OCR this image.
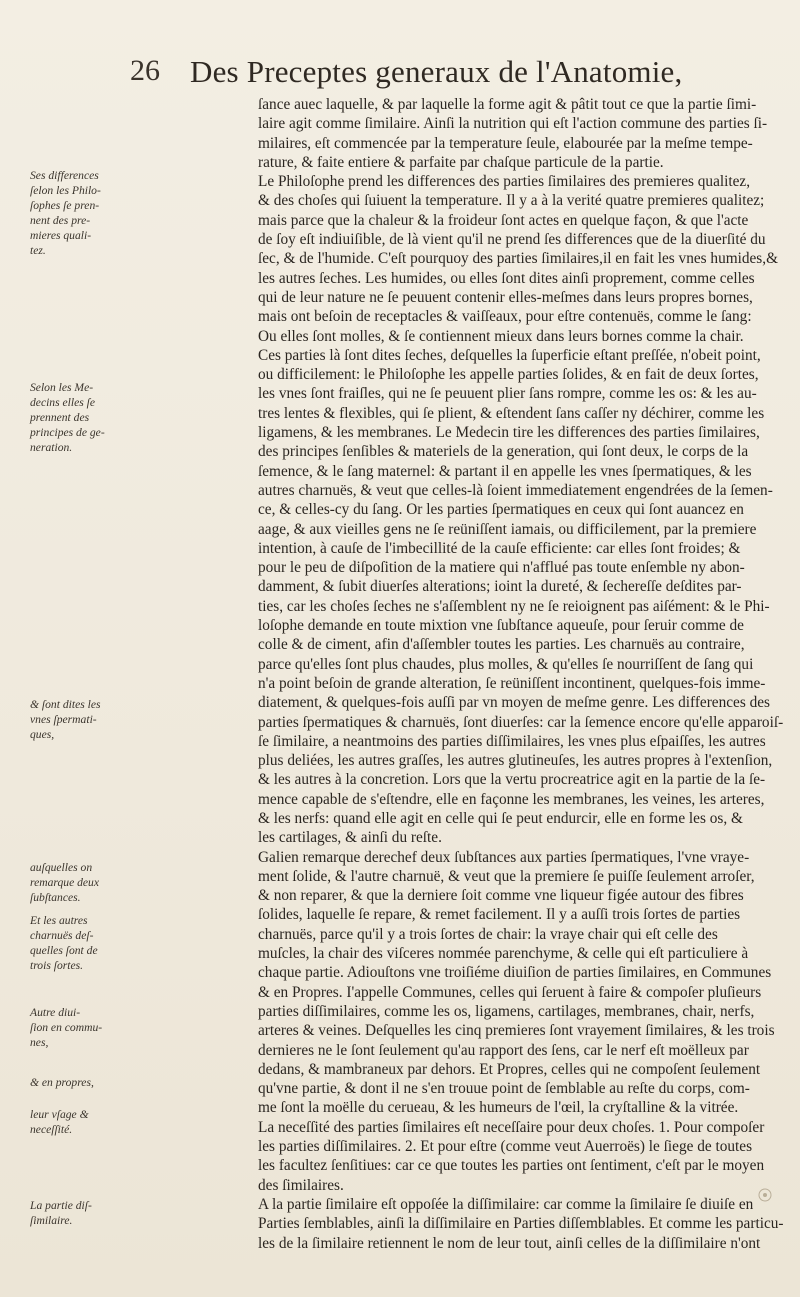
26 Des Preceptes generaux de l'Anatomie,
ſance auec laquelle, & par laquelle la forme agit & pâtit tout ce que la partie ſimi-
laire agit comme ſimilaire. Ainſi la nutrition qui eſt l'action commune des parties ſi-
milaires, eſt commencée par la temperature ſeule, elabourée par la meſme tempe-
rature, & faite entiere & parfaite par chaſque particule de la partie.
Le Philoſophe prend les differences des parties ſimilaires des premieres qualitez,
& des choſes qui ſuiuent la temperature. Il y a à la verité quatre premieres qualitez;
mais parce que la chaleur & la froideur ſont actes en quelque façon, & que l'acte
de ſoy eſt indiuiſible, de là vient qu'il ne prend ſes differences que de la diuerſité du
ſec, & de l'humide. C'eſt pourquoy des parties ſimilaires,il en fait les vnes humides,&
les autres ſeches. Les humides, ou elles ſont dites ainſi proprement, comme celles
qui de leur nature ne ſe peuuent contenir elles-meſmes dans leurs propres bornes,
mais ont beſoin de receptacles & vaiſſeaux, pour eſtre contenuës, comme le ſang:
Ou elles ſont molles, & ſe contiennent mieux dans leurs bornes comme la chair.
Ces parties là ſont dites ſeches, deſquelles la ſuperficie eſtant preſſée, n'obeit point,
ou difficilement: le Philoſophe les appelle parties ſolides, & en fait de deux ſortes,
les vnes ſont fraiſles, qui ne ſe peuuent plier ſans rompre, comme les os: & les au-
tres lentes & flexibles, qui ſe plient, & eſtendent ſans caſſer ny déchirer, comme les
ligamens, & les membranes. Le Medecin tire les differences des parties ſimilaires,
des principes ſenſibles & materiels de la generation, qui ſont deux, le corps de la
ſemence, & le ſang maternel: & partant il en appelle les vnes ſpermatiques, & les
autres charnuës, & veut que celles-là ſoient immediatement engendrées de la ſemen-
ce, & celles-cy du ſang. Or les parties ſpermatiques en ceux qui ſont auancez en
aage, & aux vieilles gens ne ſe reüniſſent iamais, ou difficilement, par la premiere
intention, à cauſe de l'imbecillité de la cauſe efficiente: car elles ſont froides; &
pour le peu de diſpoſition de la matiere qui n'afflué pas toute enſemble ny abon-
damment, & ſubit diuerſes alterations; ioint la dureté, & ſechereſſe deſdites par-
ties, car les choſes ſeches ne s'aſſemblent ny ne ſe reioignent pas aiſément: & le Phi-
loſophe demande en toute mixtion vne ſubſtance aqueuſe, pour ſeruir comme de
colle & de ciment, afin d'aſſembler toutes les parties. Les charnuës au contraire,
parce qu'elles ſont plus chaudes, plus molles, & qu'elles ſe nourriſſent de ſang qui
n'a point beſoin de grande alteration, ſe reüniſſent incontinent, quelques-fois imme-
diatement, & quelques-fois auſſi par vn moyen de meſme genre. Les differences des
parties ſpermatiques & charnuës, ſont diuerſes: car la ſemence encore qu'elle apparoiſ-
ſe ſimilaire, a neantmoins des parties diſſimilaires, les vnes plus eſpaiſſes, les autres
plus deliées, les autres graſſes, les autres glutineuſes, les autres propres à l'extenſion,
& les autres à la concretion. Lors que la vertu procreatrice agit en la partie de la ſe-
mence capable de s'eſtendre, elle en façonne les membranes, les veines, les arteres,
& les nerfs: quand elle agit en celle qui ſe peut endurcir, elle en forme les os, &
les cartilages, & ainſi du reſte.
Galien remarque derechef deux ſubſtances aux parties ſpermatiques, l'vne vraye-
ment ſolide, & l'autre charnuë, & veut que la premiere ſe puiſſe ſeulement arroſer,
& non reparer, & que la derniere ſoit comme vne liqueur figée autour des fibres
ſolides, laquelle ſe repare, & remet facilement. Il y a auſſi trois ſortes de parties
charnuës, parce qu'il y a trois ſortes de chair: la vraye chair qui eſt celle des
muſcles, la chair des viſceres nommée parenchyme, & celle qui eſt particuliere à
chaque partie. Adiouſtons vne troiſiéme diuiſion de parties ſimilaires, en Communes
& en Propres. I'appelle Communes, celles qui ſeruent à faire & compoſer pluſieurs
parties diſſimilaires, comme les os, ligamens, cartilages, membranes, chair, nerfs,
arteres & veines. Deſquelles les cinq premieres ſont vrayement ſimilaires, & les trois
dernieres ne le ſont ſeulement qu'au rapport des ſens, car le nerf eſt moëlleux par
dedans, & mambraneux par dehors. Et Propres, celles qui ne compoſent ſeulement
qu'vne partie, & dont il ne s'en trouue point de ſemblable au reſte du corps, com-
me ſont la moëlle du cerueau, & les humeurs de l'œil, la cryſtalline & la vitrée.
La neceſſité des parties ſimilaires eſt neceſſaire pour deux choſes. 1. Pour compoſer
les parties diſſimilaires. 2. Et pour eſtre (comme veut Auerroës) le ſiege de toutes
les facultez ſenſitiues: car ce que toutes les parties ont ſentiment, c'eſt par le moyen
des ſimilaires.
A la partie ſimilaire eſt oppoſée la diſſimilaire: car comme la ſimilaire ſe diuiſe en
Parties ſemblables, ainſi la diſſimilaire en Parties diſſemblables. Et comme les particu-
les de la ſimilaire retiennent le nom de leur tout, ainſi celles de la diſſimilaire n'ont
Ses differences
ſelon les Philo-
ſophes ſe pren-
nent des pre-
mieres quali-
tez.
Selon les Me-
decins elles ſe
prennent des
principes de ge-
neration.
& ſont dites les
vnes ſpermati-
ques,
auſquelles on
remarque deux
ſubſtances.
Et les autres
charnuës deſ-
quelles ſont de
trois ſortes.
Autre diui-
ſion en commu-
nes,
& en propres,
leur vſage &
neceſſité.
La partie diſ-
ſimilaire.
